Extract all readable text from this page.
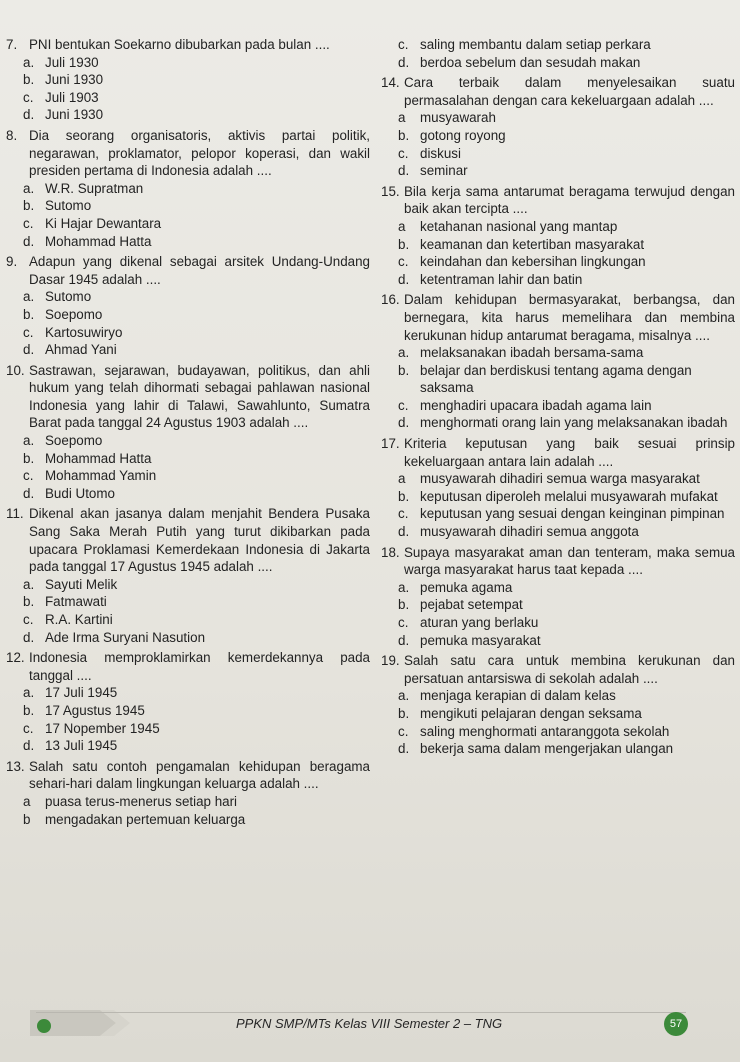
7. PNI bentukan Soekarno dibubarkan pada bulan ....
a. Juli 1930
b. Juni 1930
c. Juli 1903
d. Juni 1930
8. Dia seorang organisatoris, aktivis partai politik, negarawan, proklamator, pelopor koperasi, dan wakil presiden pertama di Indonesia adalah ....
a. W.R. Supratman
b. Sutomo
c. Ki Hajar Dewantara
d. Mohammad Hatta
9. Adapun yang dikenal sebagai arsitek Undang-Undang Dasar 1945 adalah ....
a. Sutomo
b. Soepomo
c. Kartosuwiryo
d. Ahmad Yani
10. Sastrawan, sejarawan, budayawan, politikus, dan ahli hukum yang telah dihormati sebagai pahlawan nasional Indonesia yang lahir di Talawi, Sawahlunto, Sumatra Barat pada tanggal 24 Agustus 1903 adalah ....
a. Soepomo
b. Mohammad Hatta
c. Mohammad Yamin
d. Budi Utomo
11. Dikenal akan jasanya dalam menjahit Bendera Pusaka Sang Saka Merah Putih yang turut dikibarkan pada upacara Proklamasi Kemerdekaan Indonesia di Jakarta pada tanggal 17 Agustus 1945 adalah ....
a. Sayuti Melik
b. Fatmawati
c. R.A. Kartini
d. Ade Irma Suryani Nasution
12. Indonesia memproklamirkan kemerdekannya pada tanggal ....
a. 17 Juli 1945
b. 17 Agustus 1945
c. 17 Nopember 1945
d. 13 Juli 1945
13. Salah satu contoh pengamalan kehidupan beragama sehari-hari dalam lingkungan keluarga adalah ....
a	puasa terus-menerus setiap hari
b	mengadakan pertemuan keluarga
c. saling membantu dalam setiap perkara
d. berdoa sebelum dan sesudah makan
14. Cara terbaik dalam menyelesaikan suatu permasalahan dengan cara kekeluargaan adalah ....
a	musyawarah
b. gotong royong
c. diskusi
d. seminar
15. Bila kerja sama antarumat beragama terwujud dengan baik akan tercipta ....
a	ketahanan nasional yang mantap
b. keamanan dan ketertiban masyarakat
c. keindahan dan kebersihan lingkungan
d. ketentraman lahir dan batin
16. Dalam kehidupan bermasyarakat, berbangsa, dan bernegara, kita harus memelihara dan membina kerukunan hidup antarumat beragama, misalnya ....
a. melaksanakan ibadah bersama-sama
b. belajar dan berdiskusi tentang agama dengan saksama
c. menghadiri upacara ibadah agama lain
d. menghormati orang lain yang melaksanakan ibadah
17. Kriteria keputusan yang baik sesuai prinsip kekeluargaan antara lain adalah ....
a	musyawarah dihadiri semua warga masyarakat
b. keputusan diperoleh melalui musyawarah mufakat
c. keputusan yang sesuai dengan keinginan pimpinan
d. musyawarah dihadiri semua anggota
18. Supaya masyarakat aman dan tenteram, maka semua warga masyarakat harus taat kepada ....
a. pemuka agama
b. pejabat setempat
c. aturan yang berlaku
d. pemuka masyarakat
19. Salah satu cara untuk membina kerukunan dan persatuan antarsiswa di sekolah adalah ....
a. menjaga kerapian di dalam kelas
b. mengikuti pelajaran dengan seksama
c. saling menghormati antaranggota sekolah
d. bekerja sama dalam mengerjakan ulangan
PPKN SMP/MTs Kelas VIII Semester 2 – TNG	57
